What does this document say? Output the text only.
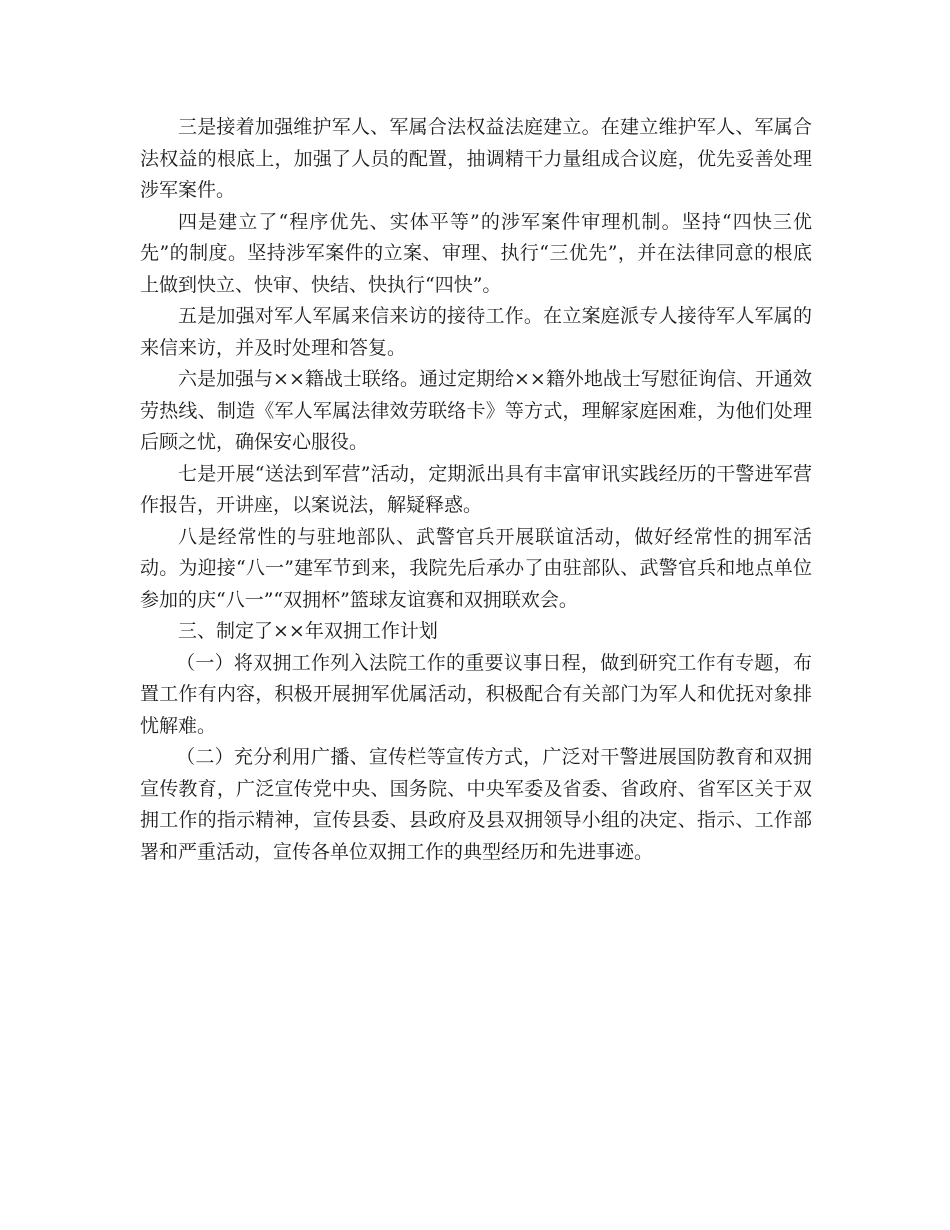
三是接着加强维护军人、军属合法权益法庭建立。在建立维护军人、军属合法权益的根底上，加强了人员的配置，抽调精干力量组成合议庭，优先妥善处理涉军案件。

四是建立了“程序优先、实体平等”的涉军案件审理机制。坚持“四快三优先”的制度。坚持涉军案件的立案、审理、执行“三优先”，并在法律同意的根底上做到快立、快审、快结、快执行“四快”。

五是加强对军人军属来信来访的接待工作。在立案庭派专人接待军人军属的来信来访，并及时处理和答复。

六是加强与××籍战士联络。通过定期给××籍外地战士写慰征询信、开通效劳热线、制造《军人军属法律效劳联络卡》等方式，理解家庭困难，为他们处理后顾之忧，确保安心服役。

七是开展“送法到军营”活动，定期派出具有丰富审讯实践经历的干警进军营作报告，开讲座，以案说法，解疑释惑。

八是经常性的与驻地部队、武警官兵开展联谊活动，做好经常性的拥军活动。为迎接“八一”建军节到来，我院先后承办了由驻部队、武警官兵和地点单位参加的庆“八一”“双拥杯”篮球友谊赛和双拥联欢会。

三、制定了××年双拥工作计划

（一）将双拥工作列入法院工作的重要议事日程，做到研究工作有专题，布置工作有内容，积极开展拥军优属活动，积极配合有关部门为军人和优抚对象排忧解难。

（二）充分利用广播、宣传栏等宣传方式，广泛对干警进展国防教育和双拥宣传教育，广泛宣传党中央、国务院、中央军委及省委、省政府、省军区关于双拥工作的指示精神，宣传县委、县政府及县双拥领导小组的决定、指示、工作部署和严重活动，宣传各单位双拥工作的典型经历和先进事迹。
